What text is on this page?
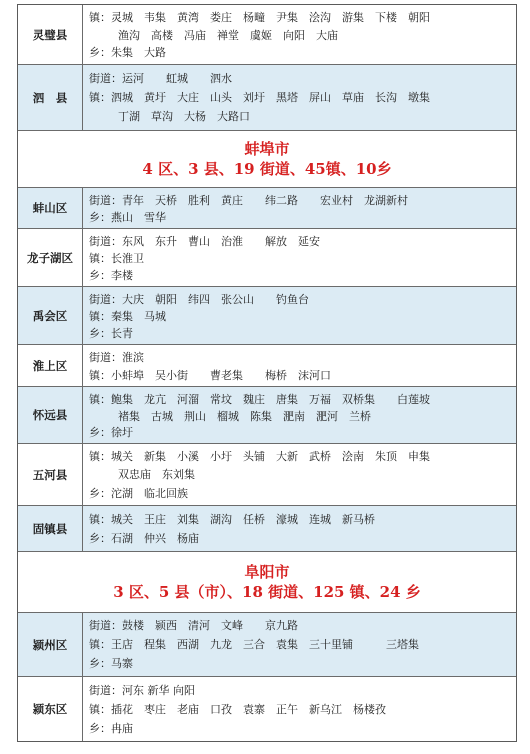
灵璧县
镇：灵城　韦集　黄湾　娄庄　杨疃　尹集　浍沟　游集　下楼　朝阳
渔沟　高楼　冯庙　禅堂　虞姬　向阳　大庙
乡：朱集　大路
泗　县
街道：运河　　虹城　　泗水
镇：泗城　黄圩　大庄　山头　刘圩　黑塔　屏山　草庙　长沟　墩集
丁湖　草沟　大杨　大路口
蚌埠市
4 区、3 县、19 街道、45镇、10乡
蚌山区
街道：青年　天桥　胜利　黄庄　　纬二路　　宏业村　龙湖新村
乡：燕山　雪华
龙子湖区
街道：东风　东升　曹山　治淮　　解放　延安
镇：长淮卫
乡：李楼
禹会区
街道：大庆　朝阳　纬四　张公山　　钓鱼台
镇：秦集　马城
乡：长青
淮上区
街道：淮滨
镇：小蚌埠　吴小街　　曹老集　　梅桥　沫河口
怀远县
镇：鲍集　龙亢　河溜　常坟　魏庄　唐集　万福　双桥集　　白莲坡
褚集　古城　荆山　榴城　陈集　淝南　淝河　兰桥
乡：徐圩
五河县
镇：城关　新集　小溪　小圩　头铺　大新　武桥　浍南　朱顶　申集
双忠庙　东刘集
乡：沱湖　临北回族
固镇县
镇：城关　王庄　刘集　湖沟　任桥　濠城　连城　新马桥
乡：石湖　仲兴　杨庙
阜阳市
3 区、5 县（市）、18 街道、125 镇、24 乡
颍州区
街道：鼓楼　颍西　清河　文峰　　京九路
镇：王店　程集　西湖　九龙　三合　袁集　三十里铺　　　三塔集
乡：马寨
颍东区
街道：河东 新华 向阳
镇：插花　枣庄　老庙　口孜　袁寨　正午　新乌江　杨楼孜
乡：冉庙
